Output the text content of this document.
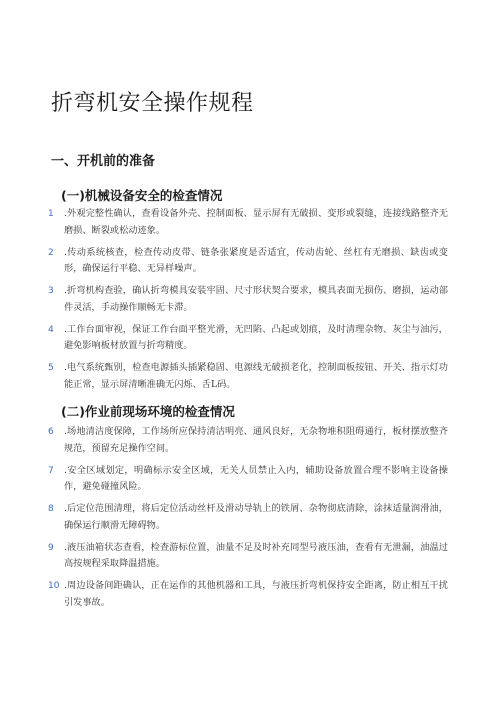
折弯机安全操作规程
一、开机前的准备
(一)机械设备安全的检查情况
1 .外观完整性确认，查看设备外壳、控制面板、显示屏有无破损、变形或裂缝，连接线路整齐无磨损、断裂或松动迹象。
2 .传动系统核查，检查传动皮带、链条张紧度是否适宜，传动齿轮、丝杠有无磨损、缺齿或变形，确保运行平稳、无异样噪声。
3 .折弯机构查验，确认折弯模具安装牢固、尺寸形状契合要求，模具表面无损伤、磨损，运动部件灵活，手动操作顺畅无卡滞。
4 .工作台面审视，保证工作台面平整光滑，无凹陷、凸起或划痕，及时清理杂物、灰尘与油污，避免影响板材放置与折弯精度。
5 .电气系统甄别，检查电源插头插紧稳固、电源线无破损老化，控制面板按钮、开关、指示灯功能正常，显示屏清晰准确无闪烁、舌L码。
(二)作业前现场环境的检查情况
6 .场地清洁度保障，工作场所应保持清洁明亮、通风良好，无杂物堆积阻碍通行，板材摆放整齐规范，预留充足操作空间。
7 .安全区域划定，明确标示安全区域，无关人员禁止入内，辅助设备放置合理不影响主设备操作，避免碰撞风险。
8 .后定位范围清理，将后定位活动丝杆及滑动导轨上的铁屑、杂物彻底清除，涂抹适量润滑油，确保运行顺滑无障碍物。
9 .液压油箱状态查看，检查游标位置，油量不足及时补充同型号液压油，查看有无泄漏，油温过高按规程采取降温措施。
10 .周边设备间距确认，正在运作的其他机器和工具，与液压折弯机保持安全距离，防止相互干扰引发事故。
